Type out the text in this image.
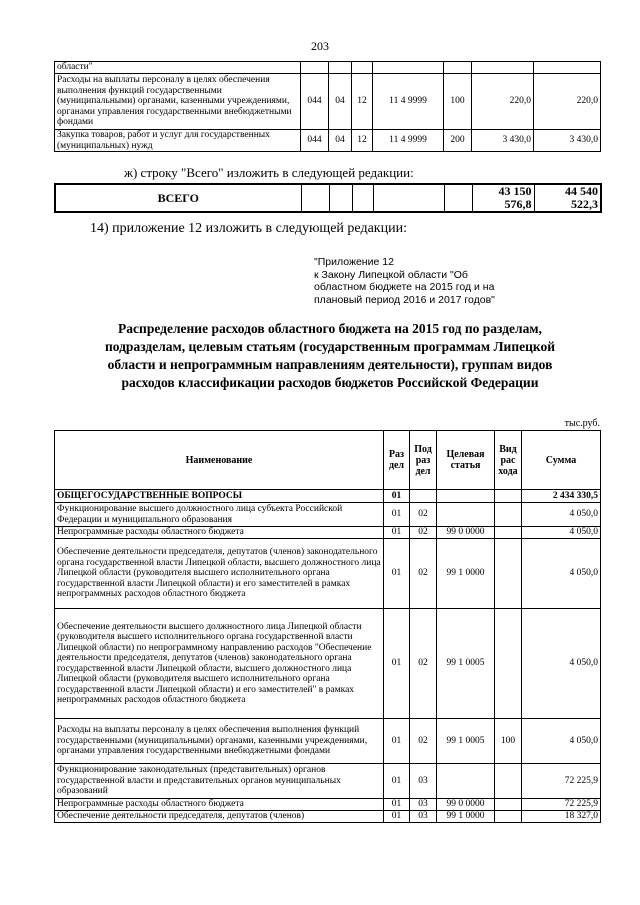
203
области"							
Расходы на выплаты персоналу в целях обеспечения выполнения функций государственными (муниципальными) органами, казенными учреждениями, органами управления государственными внебюджетными фондами	044	04	12	11 4 9999	100	220,0	220,0
Закупка товаров, работ и услуг для государственных (муниципальных) нужд	044	04	12	11 4 9999	200	3 430,0	3 430,0
ж) строку "Всего" изложить в следующей редакции:
ВСЕГО						43 150 576,8	44 540 522,3
14) приложение 12 изложить в следующей редакции:
"Приложение 12
к Закону Липецкой области "Об
областном бюджете на 2015 год и на
плановый период 2016 и 2017 годов"
Распределение расходов областного бюджета на 2015 год по разделам,
подразделам, целевым статьям (государственным программам Липецкой
области и непрограммным направлениям деятельности), группам видов
расходов классификации расходов бюджетов Российской Федерации
тыс.руб.
Наименование	Раз дел	Под раз дел	Целевая статья	Вид рас хода	Сумма
ОБЩЕГОСУДАРСТВЕННЫЕ ВОПРОСЫ	01				2 434 330,5
Функционирование высшего должностного лица субъекта Российской Федерации и муниципального образования	01	02			4 050,0
Непрограммные расходы областного бюджета	01	02	99 0 0000		4 050,0
Обеспечение деятельности председателя, депутатов (членов) законодательного органа государственной власти Липецкой области, высшего должностного лица Липецкой области (руководителя высшего исполнительного органа государственной власти Липецкой области) и его заместителей в рамках непрограммных расходов областного бюджета	01	02	99 1 0000		4 050,0
Обеспечение деятельности высшего должностного лица Липецкой области (руководителя высшего исполнительного органа государственной власти Липецкой области) по непрограммному направлению расходов "Обеспечение деятельности председателя, депутатов (членов) законодательного органа государственной власти Липецкой области, высшего должностного лица Липецкой области (руководителя высшего исполнительного органа государственной власти Липецкой области) и его заместителей" в рамках непрограммных расходов областного бюджета	01	02	99 1 0005		4 050,0
Расходы на выплаты персоналу в целях обеспечения выполнения функций государственными (муниципальными) органами, казенными учреждениями, органами управления государственными внебюджетными фондами	01	02	99 1 0005	100	4 050,0
Функционирование законодательных (представительных) органов государственной власти и представительных органов муниципальных образований	01	03			72 225,9
Непрограммные расходы областного бюджета	01	03	99 0 0000		72 225,9
Обеспечение деятельности председателя, депутатов (членов)	01	03	99 1 0000		18 327,0
